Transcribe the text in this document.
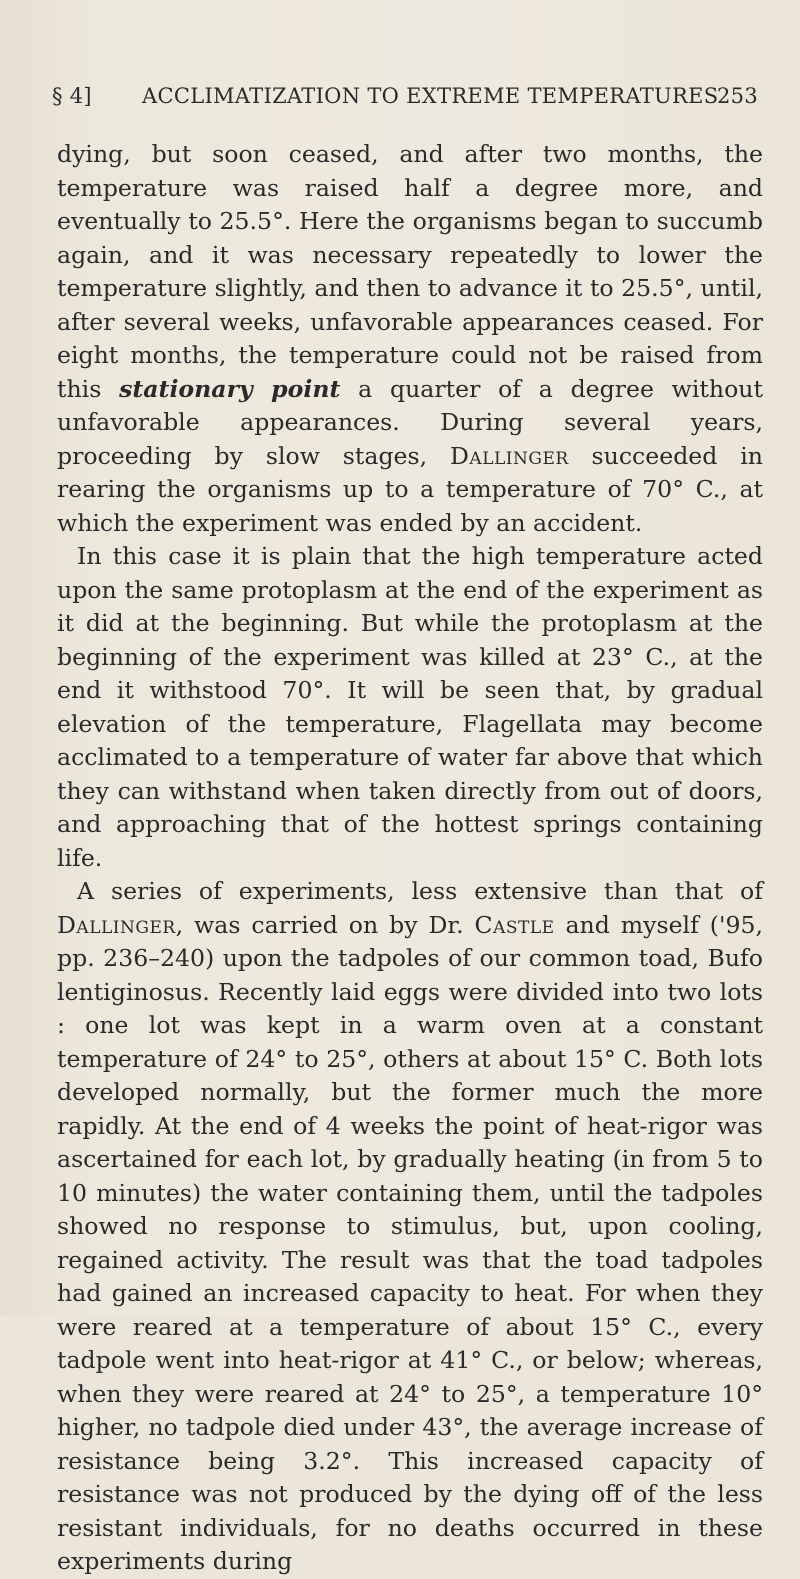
§ 4] ACCLIMATIZATION TO EXTREME TEMPERATURES
253

dying, but soon ceased, and after two months, the temperature was raised half a degree more, and eventually to 25.5°. Here the organisms began to succumb again, and it was necessary repeatedly to lower the temperature slightly, and then to advance it to 25.5°, until, after several weeks, unfavorable appearances ceased. For eight months, the temperature could not be raised from this stationary point a quarter of a degree without unfavorable appearances. During several years, proceeding by slow stages, Dallinger succeeded in rearing the organisms up to a temperature of 70° C., at which the experiment was ended by an accident.

In this case it is plain that the high temperature acted upon the same protoplasm at the end of the experiment as it did at the beginning. But while the protoplasm at the beginning of the experiment was killed at 23° C., at the end it withstood 70°. It will be seen that, by gradual elevation of the temperature, Flagellata may become acclimated to a temperature of water far above that which they can withstand when taken directly from out of doors, and approaching that of the hottest springs containing life.

A series of experiments, less extensive than that of Dallinger, was carried on by Dr. Castle and myself ('95, pp. 236–240) upon the tadpoles of our common toad, Bufo lentiginosus. Recently laid eggs were divided into two lots : one lot was kept in a warm oven at a constant temperature of 24° to 25°, others at about 15° C. Both lots developed normally, but the former much the more rapidly. At the end of 4 weeks the point of heat-rigor was ascertained for each lot, by gradually heating (in from 5 to 10 minutes) the water containing them, until the tadpoles showed no response to stimulus, but, upon cooling, regained activity. The result was that the toad tadpoles had gained an increased capacity to heat. For when they were reared at a temperature of about 15° C., every tadpole went into heat-rigor at 41° C., or below; whereas, when they were reared at 24° to 25°, a temperature 10° higher, no tadpole died under 43°, the average increase of resistance being 3.2°. This increased capacity of resistance was not produced by the dying off of the less resistant individuals, for no deaths occurred in these experiments during
